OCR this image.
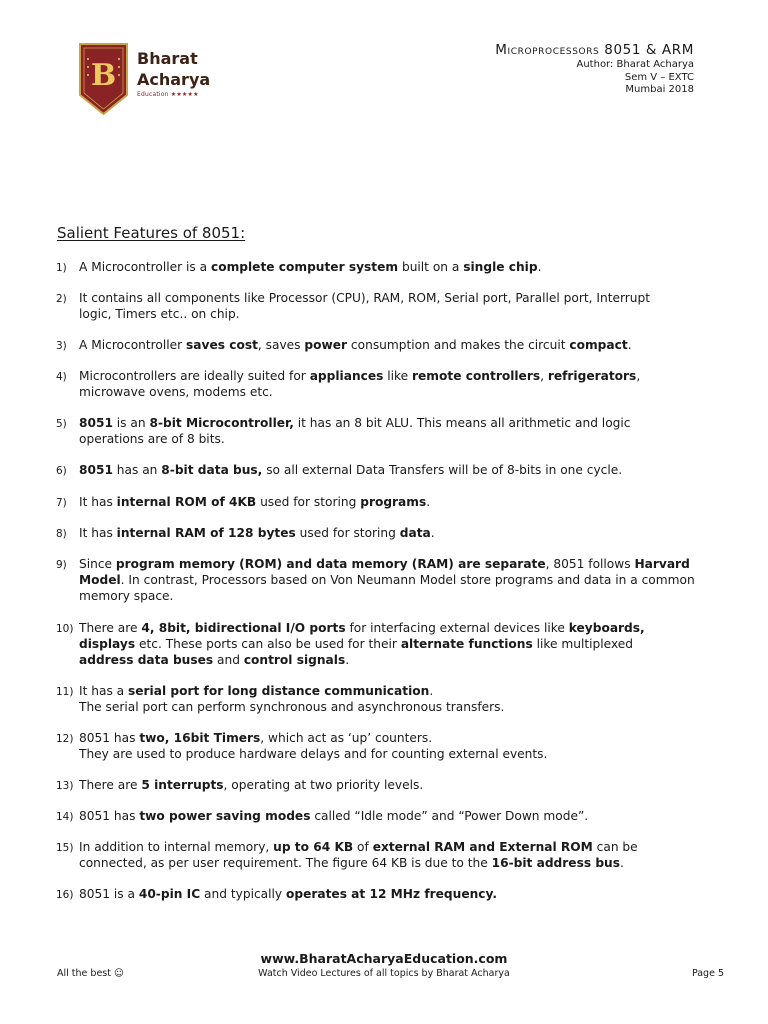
B Bharat
Acharya
Education ★★★★★
Microprocessors 8051 & ARM
Author: Bharat Acharya
Sem V – EXTC
Mumbai 2018
Salient Features of 8051:
1) A Microcontroller is a complete computer system built on a single chip.
2) It contains all components like Processor (CPU), RAM, ROM, Serial port, Parallel port, Interrupt logic, Timers etc.. on chip.
3) A Microcontroller saves cost, saves power consumption and makes the circuit compact.
4) Microcontrollers are ideally suited for appliances like remote controllers, refrigerators, microwave ovens, modems etc.
5) 8051 is an 8-bit Microcontroller, it has an 8 bit ALU. This means all arithmetic and logic operations are of 8 bits.
6) 8051 has an 8-bit data bus, so all external Data Transfers will be of 8-bits in one cycle.
7) It has internal ROM of 4KB used for storing programs.
8) It has internal RAM of 128 bytes used for storing data.
9) Since program memory (ROM) and data memory (RAM) are separate, 8051 follows Harvard Model. In contrast, Processors based on Von Neumann Model store programs and data in a common memory space.
10) There are 4, 8bit, bidirectional I/O ports for interfacing external devices like keyboards, displays etc. These ports can also be used for their alternate functions like multiplexed address data buses and control signals.
11) It has a serial port for long distance communication.
The serial port can perform synchronous and asynchronous transfers.
12) 8051 has two, 16bit Timers, which act as ‘up’ counters.
They are used to produce hardware delays and for counting external events.
13) There are 5 interrupts, operating at two priority levels.
14) 8051 has two power saving modes called “Idle mode” and “Power Down mode”.
15) In addition to internal memory, up to 64 KB of external RAM and External ROM can be connected, as per user requirement. The figure 64 KB is due to the 16-bit address bus.
16) 8051 is a 40-pin IC and typically operates at 12 MHz frequency.
www.BharatAcharyaEducation.com
All the best ☺	Watch Video Lectures of all topics by Bharat Acharya	Page 5
